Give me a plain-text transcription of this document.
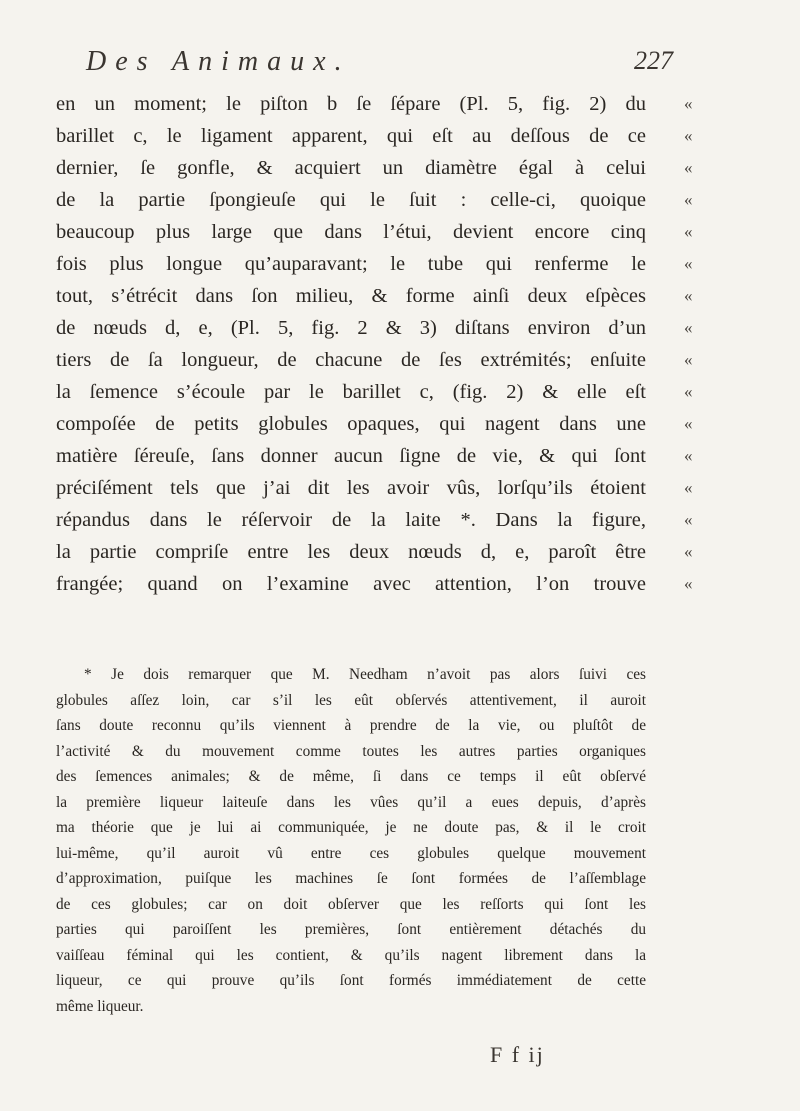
Des Animaux.	227
en un moment; le piſton b ſe ſépare (Pl. 5, fig. 2) du
barillet c, le ligament apparent, qui eſt au deſſous de ce
dernier, ſe gonfle, & acquiert un diamètre égal à celui
de la partie ſpongieuſe qui le ſuit : celle-ci, quoique
beaucoup plus large que dans l’étui, devient encore cinq
fois plus longue qu’auparavant; le tube qui renferme le
tout, s’étrécit dans ſon milieu, & forme ainſi deux eſpèces
de nœuds d, e, (Pl. 5, fig. 2 & 3) diſtans environ d’un
tiers de ſa longueur, de chacune de ſes extrémités; enſuite
la ſemence s’écoule par le barillet c, (fig. 2) & elle eſt
compoſée de petits globules opaques, qui nagent dans une
matière ſéreuſe, ſans donner aucun ſigne de vie, & qui ſont
préciſément tels que j’ai dit les avoir vûs, lorſqu’ils étoient
répandus dans le réſervoir de la laite *. Dans la figure,
la partie compriſe entre les deux nœuds d, e, paroît être
frangée; quand on l’examine avec attention, l’on trouve
«
«
«
«
«
«
«
«
«
«
«
«
«
«
«
«
* Je dois remarquer que M. Needham n’avoit pas alors ſuivi ces
globules aſſez loin, car s’il les eût obſervés attentivement, il auroit
ſans doute reconnu qu’ils viennent à prendre de la vie, ou pluſtôt de
l’activité & du mouvement comme toutes les autres parties organiques
des ſemences animales; & de même, ſi dans ce temps il eût obſervé
la première liqueur laiteuſe dans les vûes qu’il a eues depuis, d’après
ma théorie que je lui ai communiquée, je ne doute pas, & il le croit
lui-même, qu’il auroit vû entre ces globules quelque mouvement
d’approximation, puiſque les machines ſe ſont formées de l’aſſemblage
de ces globules; car on doit obſerver que les reſſorts qui ſont les
parties qui paroiſſent les premières, ſont entièrement détachés du
vaiſſeau féminal qui les contient, & qu’ils nagent librement dans la
liqueur, ce qui prouve qu’ils ſont formés immédiatement de cette
même liqueur.
F f ij
